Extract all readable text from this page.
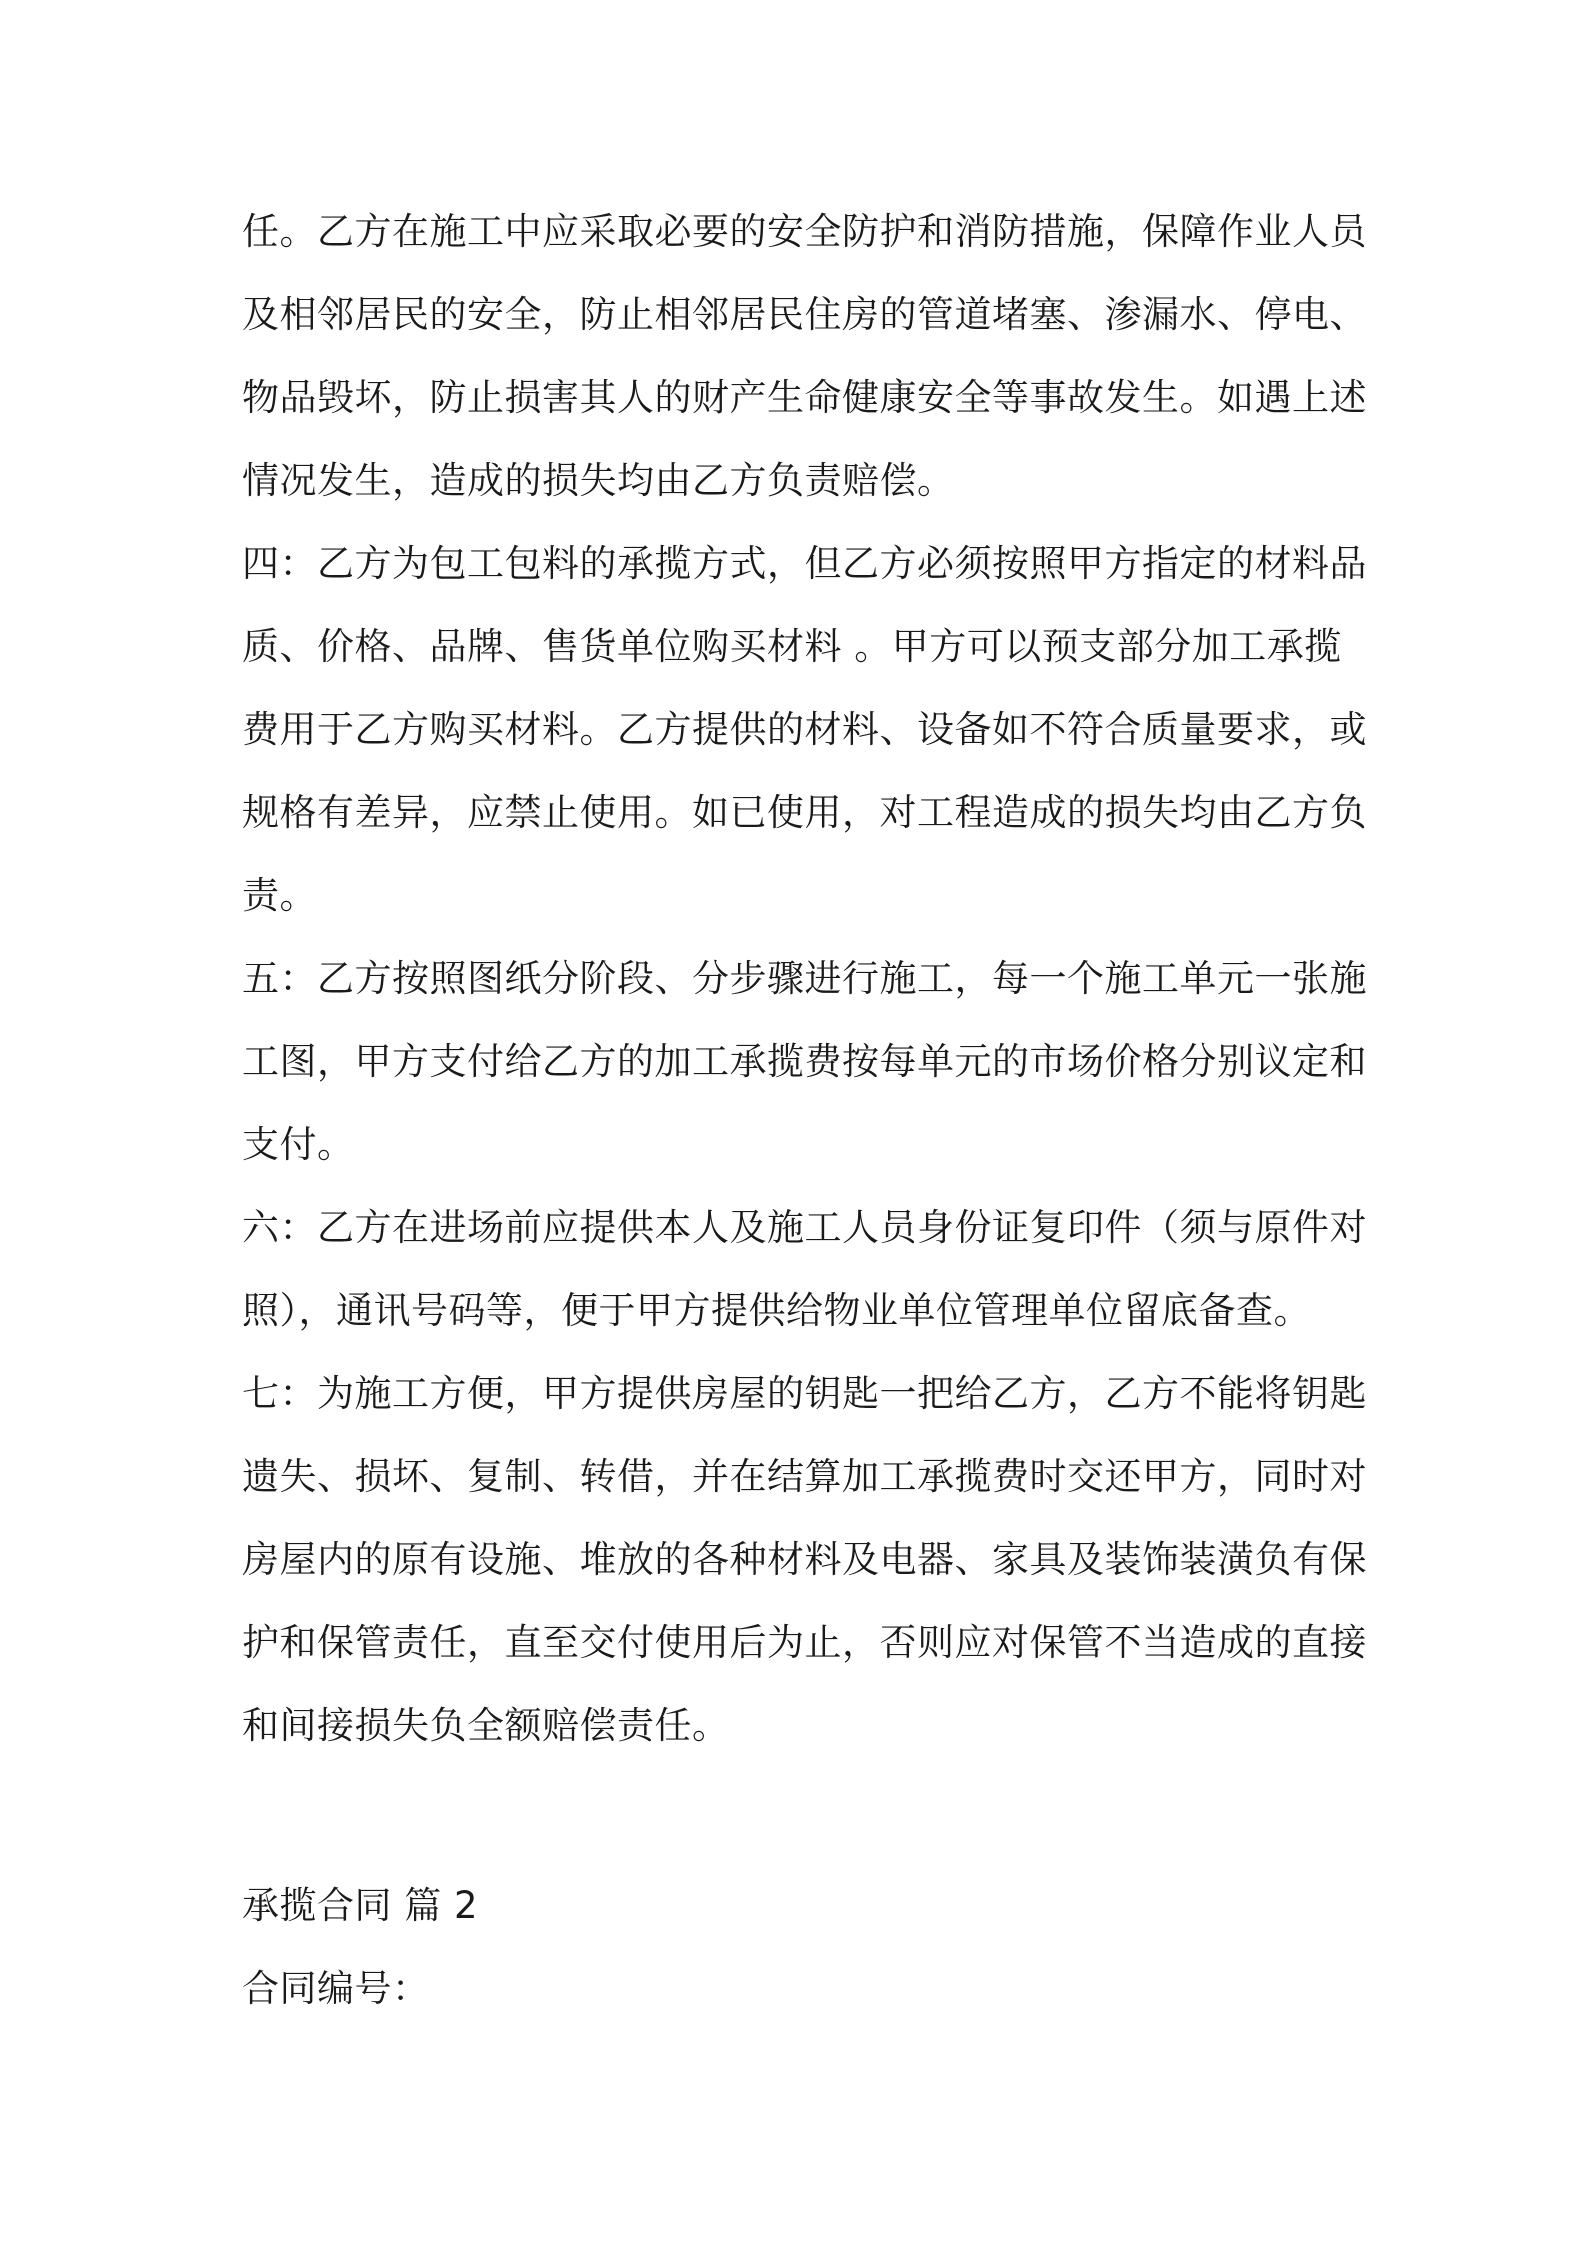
任。乙方在施工中应采取必要的安全防护和消防措施，保障作业人员

及相邻居民的安全，防止相邻居民住房的管道堵塞、渗漏水、停电、

物品毁坏，防止损害其人的财产生命健康安全等事故发生。如遇上述

情况发生，造成的损失均由乙方负责赔偿。

四：乙方为包工包料的承揽方式，但乙方必须按照甲方指定的材料品

质、价格、品牌、售货单位购买材料 。甲方可以预支部分加工承揽

费用于乙方购买材料。乙方提供的材料、设备如不符合质量要求，或

规格有差异，应禁止使用。如已使用，对工程造成的损失均由乙方负

责。

五：乙方按照图纸分阶段、分步骤进行施工，每一个施工单元一张施

工图，甲方支付给乙方的加工承揽费按每单元的市场价格分别议定和

支付。

六：乙方在进场前应提供本人及施工人员身份证复印件（须与原件对

照），通讯号码等，便于甲方提供给物业单位管理单位留底备查。

七：为施工方便，甲方提供房屋的钥匙一把给乙方，乙方不能将钥匙

遗失、损坏、复制、转借，并在结算加工承揽费时交还甲方，同时对

房屋内的原有设施、堆放的各种材料及电器、家具及装饰装潢负有保

护和保管责任，直至交付使用后为止，否则应对保管不当造成的直接

和间接损失负全额赔偿责任。

承揽合同 篇 2

合同编号：
